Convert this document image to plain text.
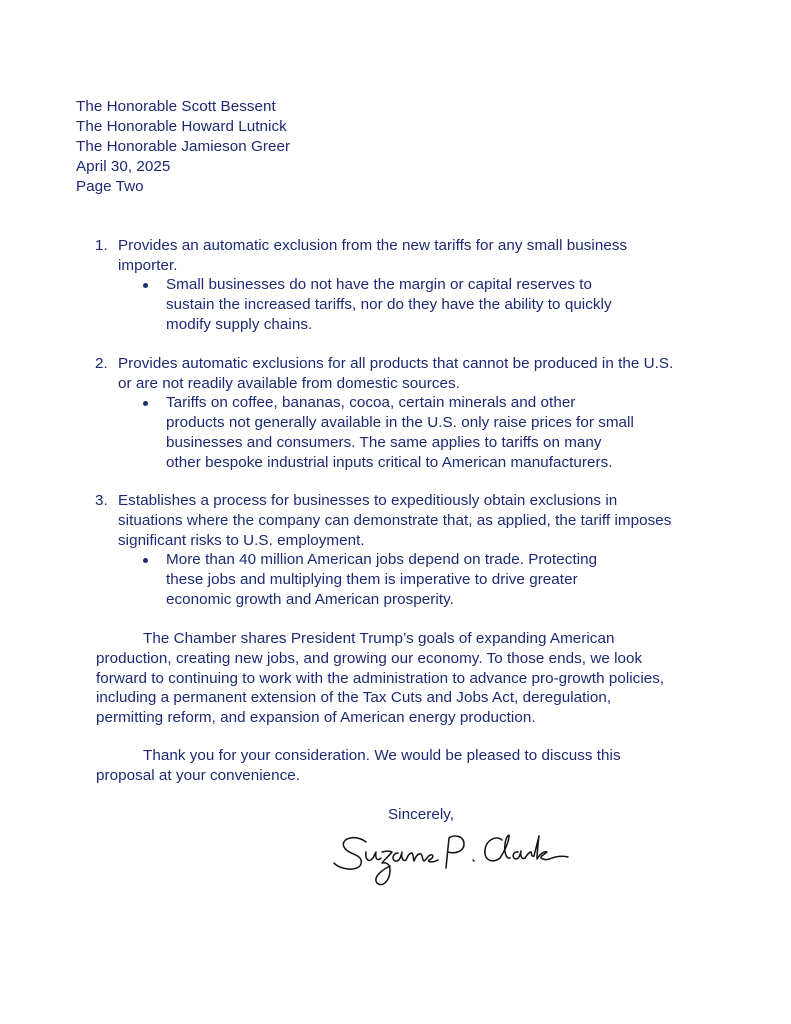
The Honorable Scott Bessent
The Honorable Howard Lutnick
The Honorable Jamieson Greer
April 30, 2025
Page Two
1. Provides an automatic exclusion from the new tariffs for any small business
importer.
Small businesses do not have the margin or capital reserves to
sustain the increased tariffs, nor do they have the ability to quickly
modify supply chains.
2. Provides automatic exclusions for all products that cannot be produced in the U.S.
or are not readily available from domestic sources.
Tariffs on coffee, bananas, cocoa, certain minerals and other
products not generally available in the U.S. only raise prices for small
businesses and consumers. The same applies to tariffs on many
other bespoke industrial inputs critical to American manufacturers.
3. Establishes a process for businesses to expeditiously obtain exclusions in
situations where the company can demonstrate that, as applied, the tariff imposes
significant risks to U.S. employment.
More than 40 million American jobs depend on trade. Protecting
these jobs and multiplying them is imperative to drive greater
economic growth and American prosperity.
The Chamber shares President Trump’s goals of expanding American
production, creating new jobs, and growing our economy. To those ends, we look
forward to continuing to work with the administration to advance pro-growth policies,
including a permanent extension of the Tax Cuts and Jobs Act, deregulation,
permitting reform, and expansion of American energy production.
Thank you for your consideration. We would be pleased to discuss this
proposal at your convenience.
Sincerely,
